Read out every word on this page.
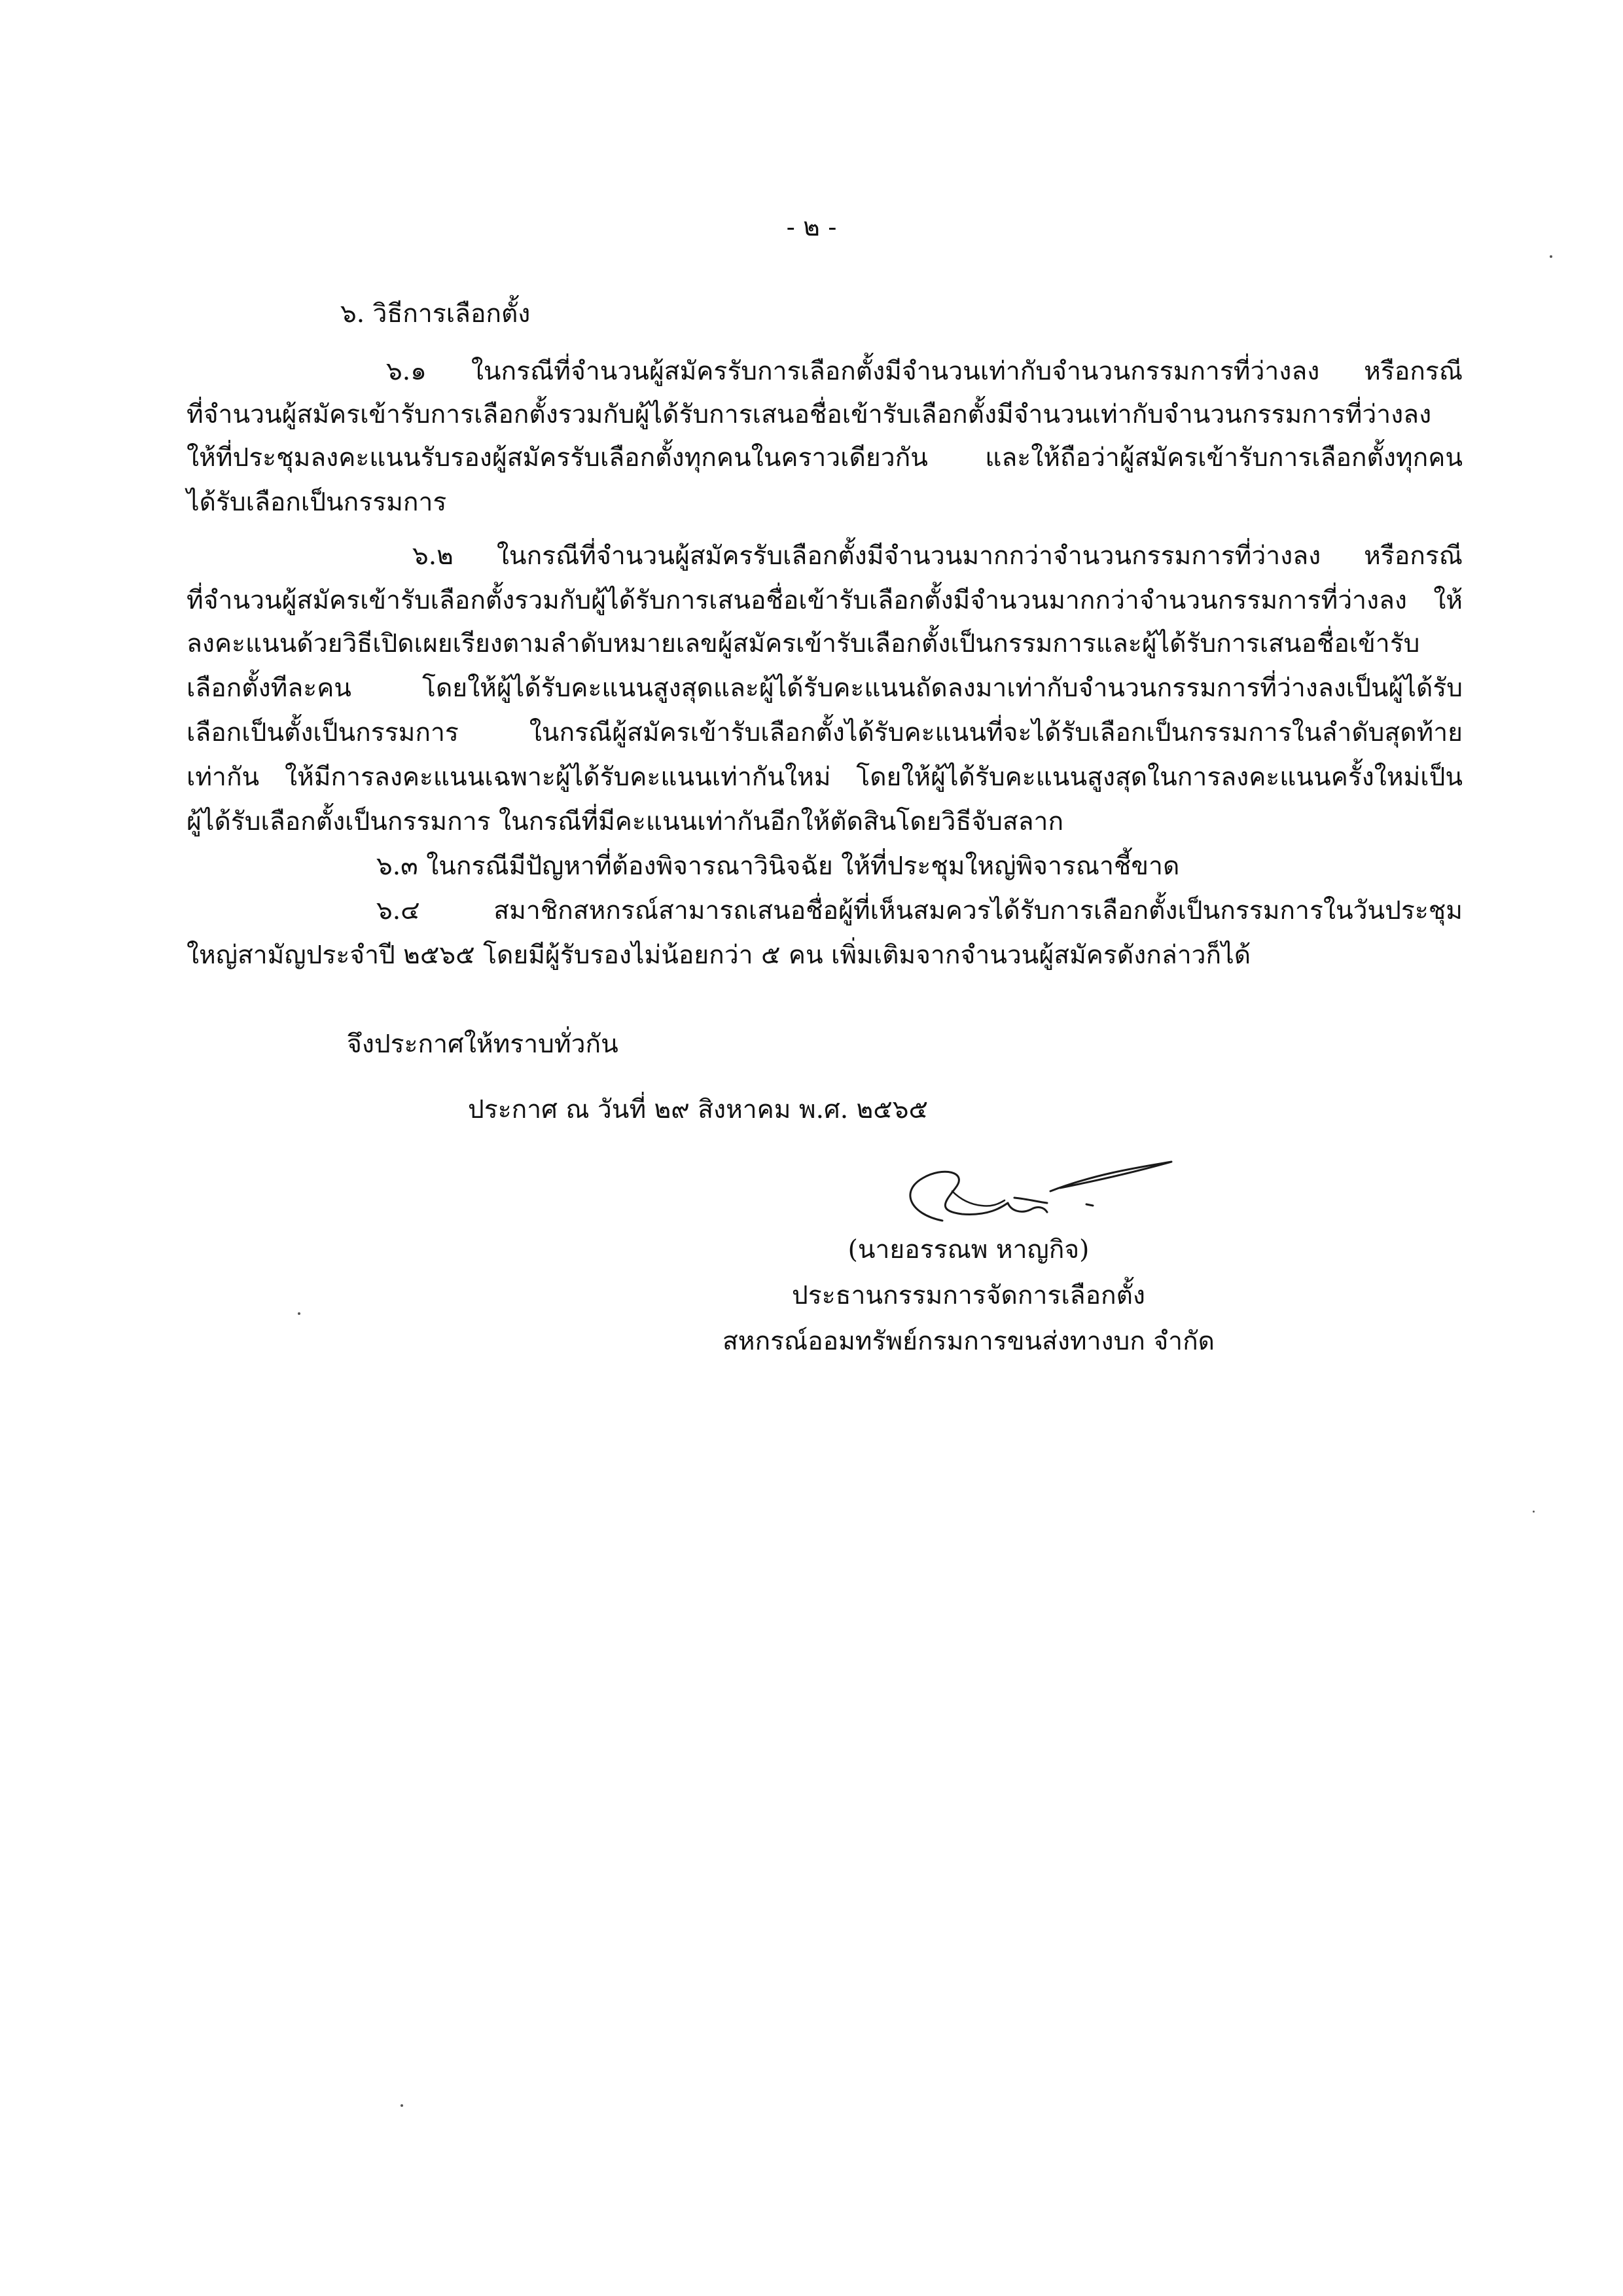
- ๒ -

๖. วิธีการเลือกตั้ง

๖.๑ ในกรณีที่จำนวนผู้สมัครรับการเลือกตั้งมีจำนวนเท่ากับจำนวนกรรมการที่ว่างลง หรือกรณี

ที่จำนวนผู้สมัครเข้ารับการเลือกตั้งรวมกับผู้ได้รับการเสนอชื่อเข้ารับเลือกตั้งมีจำนวนเท่ากับจำนวนกรรมการที่ว่างลง

ให้ที่ประชุมลงคะแนนรับรองผู้สมัครรับเลือกตั้งทุกคนในคราวเดียวกัน และให้ถือว่าผู้สมัครเข้ารับการเลือกตั้งทุกคน

ได้รับเลือกเป็นกรรมการ

๖.๒ ในกรณีที่จำนวนผู้สมัครรับเลือกตั้งมีจำนวนมากกว่าจำนวนกรรมการที่ว่างลง หรือกรณี

ที่จำนวนผู้สมัครเข้ารับเลือกตั้งรวมกับผู้ได้รับการเสนอชื่อเข้ารับเลือกตั้งมีจำนวนมากกว่าจำนวนกรรมการที่ว่างลง ให้

ลงคะแนนด้วยวิธีเปิดเผยเรียงตามลำดับหมายเลขผู้สมัครเข้ารับเลือกตั้งเป็นกรรมการและผู้ได้รับการเสนอชื่อเข้ารับ

เลือกตั้งทีละคน โดยให้ผู้ได้รับคะแนนสูงสุดและผู้ได้รับคะแนนถัดลงมาเท่ากับจำนวนกรรมการที่ว่างลงเป็นผู้ได้รับ

เลือกเป็นตั้งเป็นกรรมการ ในกรณีผู้สมัครเข้ารับเลือกตั้งได้รับคะแนนที่จะได้รับเลือกเป็นกรรมการในลำดับสุดท้าย

เท่ากัน ให้มีการลงคะแนนเฉพาะผู้ได้รับคะแนนเท่ากันใหม่ โดยให้ผู้ได้รับคะแนนสูงสุดในการลงคะแนนครั้งใหม่เป็น

ผู้ได้รับเลือกตั้งเป็นกรรมการ ในกรณีที่มีคะแนนเท่ากันอีกให้ตัดสินโดยวิธีจับสลาก

๖.๓ ในกรณีมีปัญหาที่ต้องพิจารณาวินิจฉัย ให้ที่ประชุมใหญ่พิจารณาชี้ขาด

๖.๔ สมาชิกสหกรณ์สามารถเสนอชื่อผู้ที่เห็นสมควรได้รับการเลือกตั้งเป็นกรรมการในวันประชุม

ใหญ่สามัญประจำปี ๒๕๖๕ โดยมีผู้รับรองไม่น้อยกว่า ๕ คน เพิ่มเติมจากจำนวนผู้สมัครดังกล่าวก็ได้

จึงประกาศให้ทราบทั่วกัน

ประกาศ ณ วันที่ ๒๙ สิงหาคม พ.ศ. ๒๕๖๕

(นายอรรณพ หาญกิจ)
ประธานกรรมการจัดการเลือกตั้ง
สหกรณ์ออมทรัพย์กรมการขนส่งทางบก จำกัด
